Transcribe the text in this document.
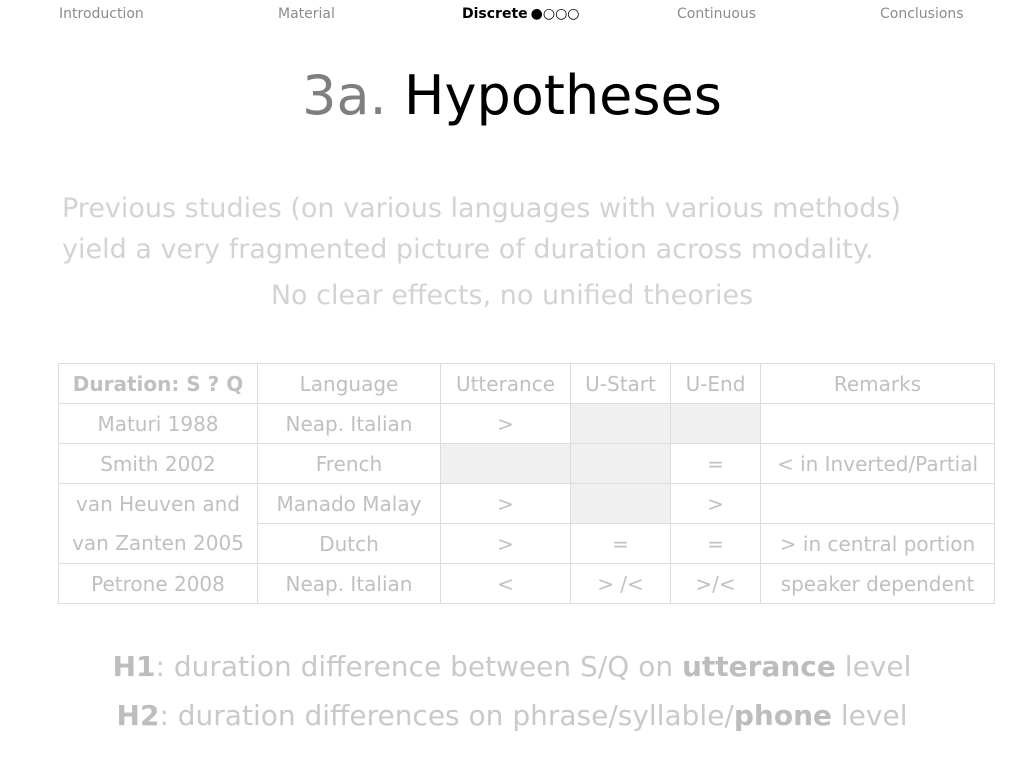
Introduction	Material	Discrete ●○○○	Continuous	Conclusions
3a. Hypotheses
Previous studies (on various languages with various methods)
yield a very fragmented picture of duration across modality.
No clear effects, no unified theories
Duration: S ? Q	Language	Utterance	U-Start	U-End	Remarks
Maturi 1988	Neap. Italian	>			
Smith 2002	French			=	< in Inverted/Partial
van Heuven and	Manado Malay	>		>	
van Zanten 2005	Dutch	>	=	=	> in central portion
Petrone 2008	Neap. Italian	<	> /<	>/<	speaker dependent
H1: duration difference between S/Q on utterance level
H2: duration differences on phrase/syllable/phone level
